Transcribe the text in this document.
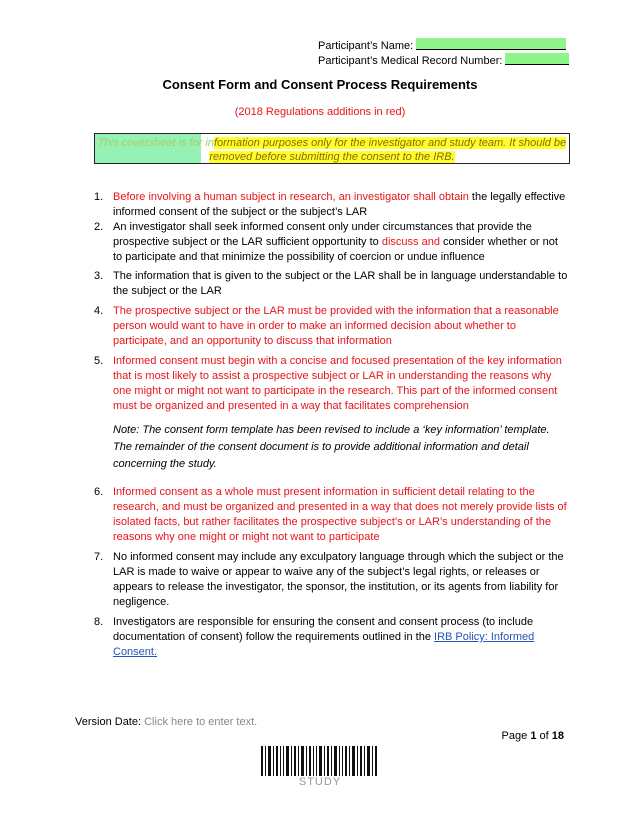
Participant’s Name:
Participant’s Medical Record Number:
Consent Form and Consent Process Requirements
(2018 Regulations additions in red)
This coversheet is for information purposes only for the investigator and study team. It should be
removed before submitting the consent to the IRB.
1. Before involving a human subject in research, an investigator shall obtain the legally effective informed consent of the subject or the subject’s LAR
2. An investigator shall seek informed consent only under circumstances that provide the prospective subject or the LAR sufficient opportunity to discuss and consider whether or not to participate and that minimize the possibility of coercion or undue influence
3. The information that is given to the subject or the LAR shall be in language understandable to the subject or the LAR
4. The prospective subject or the LAR must be provided with the information that a reasonable person would want to have in order to make an informed decision about whether to participate, and an opportunity to discuss that information
5. Informed consent must begin with a concise and focused presentation of the key information that is most likely to assist a prospective subject or LAR in understanding the reasons why one might or might not want to participate in the research. This part of the informed consent must be organized and presented in a way that facilitates comprehension
Note: The consent form template has been revised to include a ‘key information’ template. The remainder of the consent document is to provide additional information and detail concerning the study.
6. Informed consent as a whole must present information in sufficient detail relating to the research, and must be organized and presented in a way that does not merely provide lists of isolated facts, but rather facilitates the prospective subject’s or LAR’s understanding of the reasons why one might or might not want to participate
7. No informed consent may include any exculpatory language through which the subject or the LAR is made to waive or appear to waive any of the subject’s legal rights, or releases or appears to release the investigator, the sponsor, the institution, or its agents from liability for negligence.
8. Investigators are responsible for ensuring the consent and consent process (to include documentation of consent) follow the requirements outlined in the IRB Policy: Informed Consent.
Version Date: Click here to enter text.
Page 1 of 18
STUDY
